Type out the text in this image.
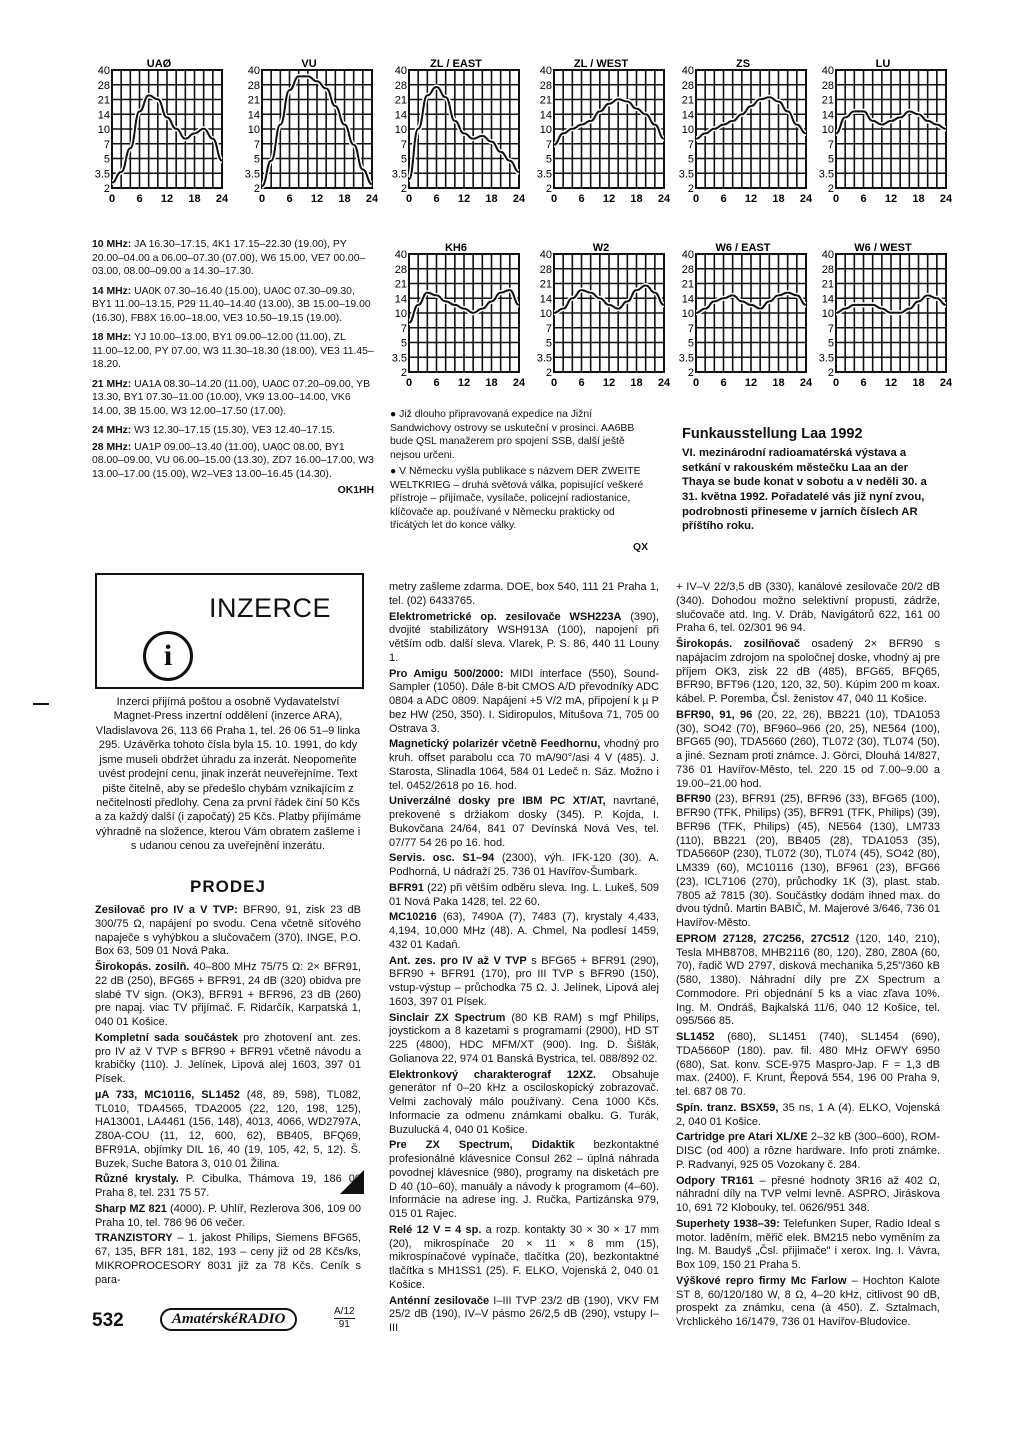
UAØ
40
28
21
14
10
7
5
3.5
2
0 6 12 18 24
VU
40
28
21
14
10
7
5
3.5
2
0 6 12 18 24
ZL / EAST
40
28
21
14
10
7
5
3.5
2
0 6 12 18 24
ZL / WEST
40
28
21
14
10
7
5
3.5
2
0 6 12 18 24
ZS
40
28
21
14
10
7
5
3.5
2
0 6 12 18 24
LU
40
28
21
14
10
7
5
3.5
2
0 6 12 18 24
KH6
40
28
21
14
10
7
5
3.5
2
0 6 12 18 24
W2
40
28
21
14
10
7
5
3.5
2
0 6 12 18 24
W6 / EAST
40
28
21
14
10
7
5
3.5
2
0 6 12 18 24
W6 / WEST
40
28
21
14
10
7
5
3.5
2
0 6 12 18 24

10 MHz: JA 16.30–17.15, 4K1 17.15–22.30 (19.00), PY 20.00–04.00 a 06.00–07.30 (07.00), W6 15.00, VE7 00.00–03.00, 08.00–09.00 a 14.30–17.30.

14 MHz: UA0K 07.30–16.40 (15.00), UA0C 07.30–09.30, BY1 11.00–13.15, P29 11.40–14.40 (13.00), 3B 15.00–19.00 (16.30), FB8X 16.00–18.00, VE3 10.50–19.15 (19.00).

18 MHz: YJ 10.00–13.00, BY1 09.00–12.00 (11.00), ZL 11.00–12.00, PY 07.00, W3 11.30–18.30 (18.00), VE3 11.45–18.20.

21 MHz: UA1A 08.30–14.20 (11.00), UA0C 07.20–09.00, YB 13.30, BY1 07.30–11.00 (10.00), VK9 13.00–14.00, VK6 14.00, 3B 15.00, W3 12.00–17.50 (17.00).

24 MHz: W3 12.30–17.15 (15.30), VE3 12.40–17.15.

28 MHz: UA1P 09.00–13.40 (11.00), UA0C 08.00, BY1 08.00–09.00, VU 06.00–15.00 (13.30), ZD7 16.00–17.00, W3 13.00–17.00 (15.00), W2–VE3 13.00–16.45 (14.30).

OK1HH

● Již dlouho připravovaná expedice na Jižní Sandwichovy ostrovy se uskuteční v prosinci. AA6BB bude QSL manažerem pro spojení SSB, další ještě nejsou určeni.

● V Německu vyšla publikace s názvem DER ZWEITE WELTKRIEG – druhá světová válka, popisující veškeré přístroje – přijímače, vysílače, policejní radiostanice, klíčovače ap. používané v Německu prakticky od třicátých let do konce války.

QX

Funkausstellung Laa 1992
VI. mezinárodní radioamatérská výstava a setkání v rakouském městečku Laa an der Thaya se bude konat v sobotu a v neděli 30. a 31. května 1992. Pořadatelé vás již nyní zvou, podrobnosti přineseme v jarních číslech AR příštího roku.
INZERCE
i
Inzerci přijímá poštou a osobně Vydavatelství Magnet-Press inzertní oddělení (inzerce ARA), Vladislavova 26, 113 66 Praha 1, tel. 26 06 51–9 linka 295. Uzávěrka tohoto čísla byla 15. 10. 1991, do kdy jsme museli obdržet úhradu za inzerát. Neopomeňte uvést prodejní cenu, jinak inzerát neuveřejníme. Text pište čitelně, aby se předešlo chybám vznikajícím z nečitelnosti předlohy. Cena za první řádek činí 50 Kčs a za každý další (i započatý) 25 Kčs. Platby přijímáme výhradně na složence, kterou Vám obratem zašleme i s udanou cenou za uveřejnění inzerátu.
PRODEJ

Zesilovač pro IV a V TVP: BFR90, 91, zisk 23 dB 300/75 Ω, napájení po svodu. Cena včetně síťového napaječe s vyhýbkou a slučovačem (370). INGE, P.O. Box 63, 509 01 Nová Paka.

Širokopás. zosilň. 40–800 MHz 75/75 Ω: 2× BFR91, 22 dB (250), BFG65 + BFR91, 24 dB (320) obidva pre slabé TV sign. (OK3), BFR91 + BFR96, 23 dB (260) pre napaj. viac TV přijímač. F. Ridarčík, Karpatská 1, 040 01 Košice.

Kompletní sada součástek pro zhotovení ant. zes. pro IV až V TVP s BFR90 + BFR91 včetně návodu a krabičky (110). J. Jelínek, Lipová alej 1603, 397 01 Písek.

µA 733, MC10116, SL1452 (48, 89, 598), TL082, TL010, TDA4565, TDA2005 (22, 120, 198, 125), HA13001, LA4461 (156, 148), 4013, 4066, WD2797A, Z80A-COU (11, 12, 600, 62), BB405, BFQ69, BFR91A, objímky DIL 16, 40 (19, 105, 42, 5, 12). Š. Buzek, Suche Batora 3, 010 01 Žilina.

Různé krystaly. P. Cibulka, Thámova 19, 186 00 Praha 8, tel. 231 75 57.

Sharp MZ 821 (4000). P. Uhlíř, Rezlerova 306, 109 00 Praha 10, tel. 786 96 06 večer.

TRANZISTORY – 1. jakost Philips, Siemens BFG65, 67, 135, BFR 181, 182, 193 – ceny již od 28 Kčs/ks, MIKROPROCESORY 8031 již za 78 Kčs. Ceník s para-

metry zašleme zdarma. DOE, box 540, 111 21 Praha 1, tel. (02) 6433765.

Elektrometrické op. zesilovače WSH223A (390), dvojité stabilizátory WSH913A (100), napojení při větším odb. další sleva. Vlarek, P. S. 86, 440 11 Louny 1.

Pro Amigu 500/2000: MIDI interface (550), Sound-Sampler (1050). Dále 8-bit CMOS A/D převodníky ADC 0804 a ADC 0809. Napájení +5 V/2 mA, připojení k µ P bez HW (250, 350). I. Sidiropulos, Mitušova 71, 705 00 Ostrava 3.

Magnetický polarizér včetně Feedhornu, vhodný pro kruh. offset parabolu cca 70 mA/90°/asi 4 V (485). J. Starosta, Slinadla 1064, 584 01 Ledeč n. Sáz. Možno i tel. 0452/2618 po 16. hod.

Univerzálné dosky pre IBM PC XT/AT, navrtané, prekovené s držiakom dosky (345). P. Kojda, I. Bukovčana 24/64, 841 07 Devínská Nová Ves, tel. 07/77 54 26 po 16. hod.

Servis. osc. S1–94 (2300), výh. IFK-120 (30). A. Podhorná, U nádraží 25. 736 01 Havířov-Šumbark.

BFR91 (22) při větším odběru sleva. Ing. L. Lukeš, 509 01 Nová Paka 1428, tel. 22 60.

MC10216 (63), 7490A (7), 7483 (7), krystaly 4,433, 4,194, 10,000 MHz (48). A. Chmel, Na podlesí 1459, 432 01 Kadaň.

Ant. zes. pro IV až V TVP s BFG65 + BFR91 (290), BFR90 + BFR91 (170), pro III TVP s BFR90 (150), vstup-výstup – průchodka 75 Ω. J. Jelínek, Lipová alej 1603, 397 01 Písek.

Sinclair ZX Spectrum (80 KB RAM) s mgf Philips, joystickom a 8 kazetami s programami (2900), HD ST 225 (4800), HDC MFM/XT (900). Ing. D. Šišlák, Golianova 22, 974 01 Banská Bystrica, tel. 088/892 02.

Elektronkový charakterograf 12XZ. Obsahuje generátor nf 0–20 kHz a osciloskopický zobrazovač. Velmi zachovalý málo používaný. Cena 1000 Kčs. Informacie za odmenu známkami obalku. G. Turák, Buzulucká 4, 040 01 Košice.

Pre ZX Spectrum, Didaktik bezkontaktné profesionálné klávesnice Consul 262 – úplná náhrada povodnej klávesnice (980), programy na disketách pre D 40 (10–60), manuály a návody k programom (4–60). Informácie na adrese ing. J. Ručka, Partizánska 979, 015 01 Rajec.

Relé 12 V = 4 sp. a rozp. kontakty 30 × 30 × 17 mm (20), mikrospínače 20 × 11 × 8 mm (15), mikrospínačové vypínače, tlačítka (20), bezkontaktné tlačítka s MH1SS1 (25). F. ELKO, Vojenská 2, 040 01 Košice.

Anténní zesilovače I–III TVP 23/2 dB (190), VKV FM 25/2 dB (190), IV–V pásmo 26/2,5 dB (290), vstupy I–III

+ IV–V 22/3,5 dB (330), kanálové zesilovače 20/2 dB (340). Dohodou možno selektivní propusti, zádrže, slučovače atd. Ing. V. Dráb, Navigátorů 622, 161 00 Praha 6, tel. 02/301 96 94.

Širokopás. zosilňovač osadený 2× BFR90 s napájacím zdrojom na spoločnej doske, vhodný aj pre příjem OK3, zisk 22 dB (485), BFG65, BFQ65, BFR90, BFT96 (120, 120, 32, 50). Kúpim 200 m koax. kábel. P. Poremba, Čsl. ženistov 47, 040 11 Košice.

BFR90, 91, 96 (20, 22, 26), BB221 (10), TDA1053 (30), SO42 (70), BF960–966 (20, 25), NE564 (100), BFG65 (90), TDA5660 (260), TL072 (30), TL074 (50), a jiné. Seznam proti známce. J. Görci, Dlouhá 14/827, 736 01 Havířov-Město, tel. 220 15 od 7.00–9.00 a 19.00–21.00 hod.

BFR90 (23), BFR91 (25), BFR96 (33), BFG65 (100), BFR90 (TFK, Philips) (35), BFR91 (TFK, Philips) (39), BFR96 (TFK, Philips) (45), NE564 (130), LM733 (110), BB221 (20), BB405 (28), TDA1053 (35), TDA5660P (230), TL072 (30), TL074 (45), SO42 (80), LM339 (60), MC10116 (130), BF961 (23), BFG66 (23), ICL7106 (270), průchodky 1K (3), plast. stab. 7805 až 7815 (30). Součástky dodám ihned max. do dvou týdnů. Martin BABIČ, M. Majerové 3/646, 736 01 Havířov-Město.

EPROM 27128, 27C256, 27C512 (120, 140, 210), Tesla MHB8708, MHB2116 (80, 120), Z80, Z80A (60, 70), řadič WD 2797, disková mechanika 5,25"/360 kB (580, 1380). Náhradní díly pre ZX Spectrum a Commodore. Pri objednání 5 ks a viac zľava 10%. Ing. M. Ondráš, Bajkalská 11/6, 040 12 Košice, tel. 095/566 85.

SL1452 (680), SL1451 (740), SL1454 (690), TDA5660P (180). pav. fil. 480 MHz OFWY 6950 (680), Sat. konv. SCE-975 Maspro-Jap. F = 1,3 dB max. (2400). F. Krunt, Řepová 554, 196 00 Praha 9, tel. 687 08 70.

Spín. tranz. BSX59, 35 ns, 1 A (4). ELKO, Vojenská 2, 040 01 Košice.

Cartridge pre Atari XL/XE 2–32 kB (300–600), ROM-DISC (od 400) a rôzne hardware. Info proti známke. P. Radvanyi, 925 05 Vozokany č. 284.

Odpory TR161 – přesné hodnoty 3R16 až 402 Ω, náhradní díly na TVP velmi levně. ASPRO, Jiráskova 10, 691 72 Klobouky, tel. 0626/951 348.

Superhety 1938–39: Telefunken Super, Radio Ideal s motor. laděním, měřič elek. BM215 nebo vyměním za Ing. M. Baudyš „Čsl. přijimače" i xerox. Ing. I. Vávra, Box 109, 150 21 Praha 5.

Výškové repro firmy Mc Farlow – Hochton Kalote ST 8, 60/120/180 W, 8 Ω, 4–20 kHz, citlivost 90 dB, prospekt za známku, cena (à 450). Z. Sztalmach, Vrchlického 16/1479, 736 01 Havířov-Bludovice.

532	AmatérskéRADIO	A/12
91
